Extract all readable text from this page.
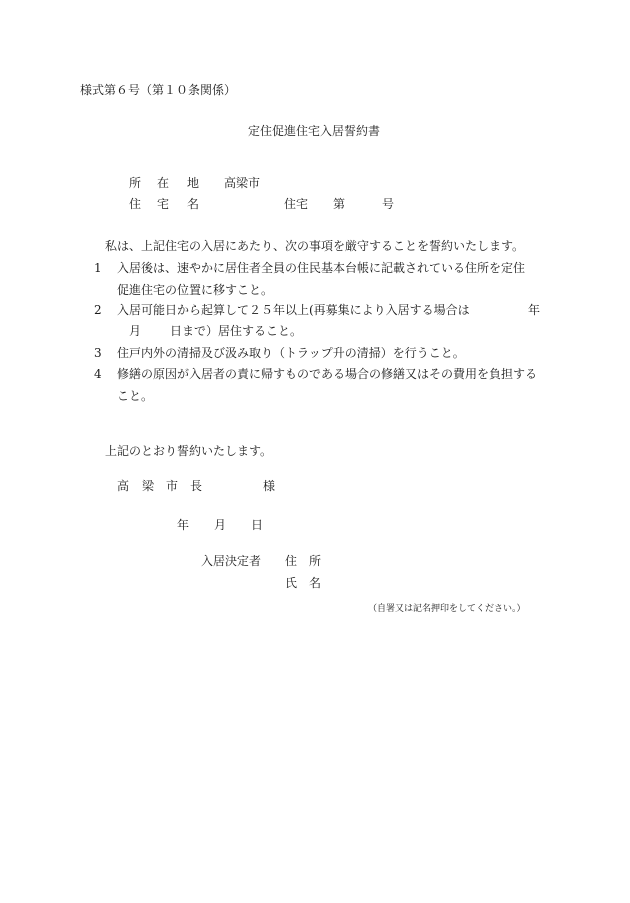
様式第６号（第１０条関係）
定住促進住宅入居誓約書
所 在 地 高梁市
住 宅 名	住宅 第	号
私は、上記住宅の入居にあたり、次の事項を厳守することを誓約いたします。
1 入居後は、速やかに居住者全員の住民基本台帳に記載されている住所を定住
促進住宅の位置に移すこと。
2 入居可能日から起算して２５年以上(再募集により入居する場合は	年
月 日まで）居住すること。
3 住戸内外の清掃及び汲み取り（トラップ升の清掃）を行うこと。
4 修繕の原因が入居者の責に帰すものである場合の修繕又はその費用を負担する
こと。
上記のとおり誓約いたします。
高 梁 市 長	様
年 月 日
入居決定者 住 所
氏 名
（自署又は記名押印をしてください。）
